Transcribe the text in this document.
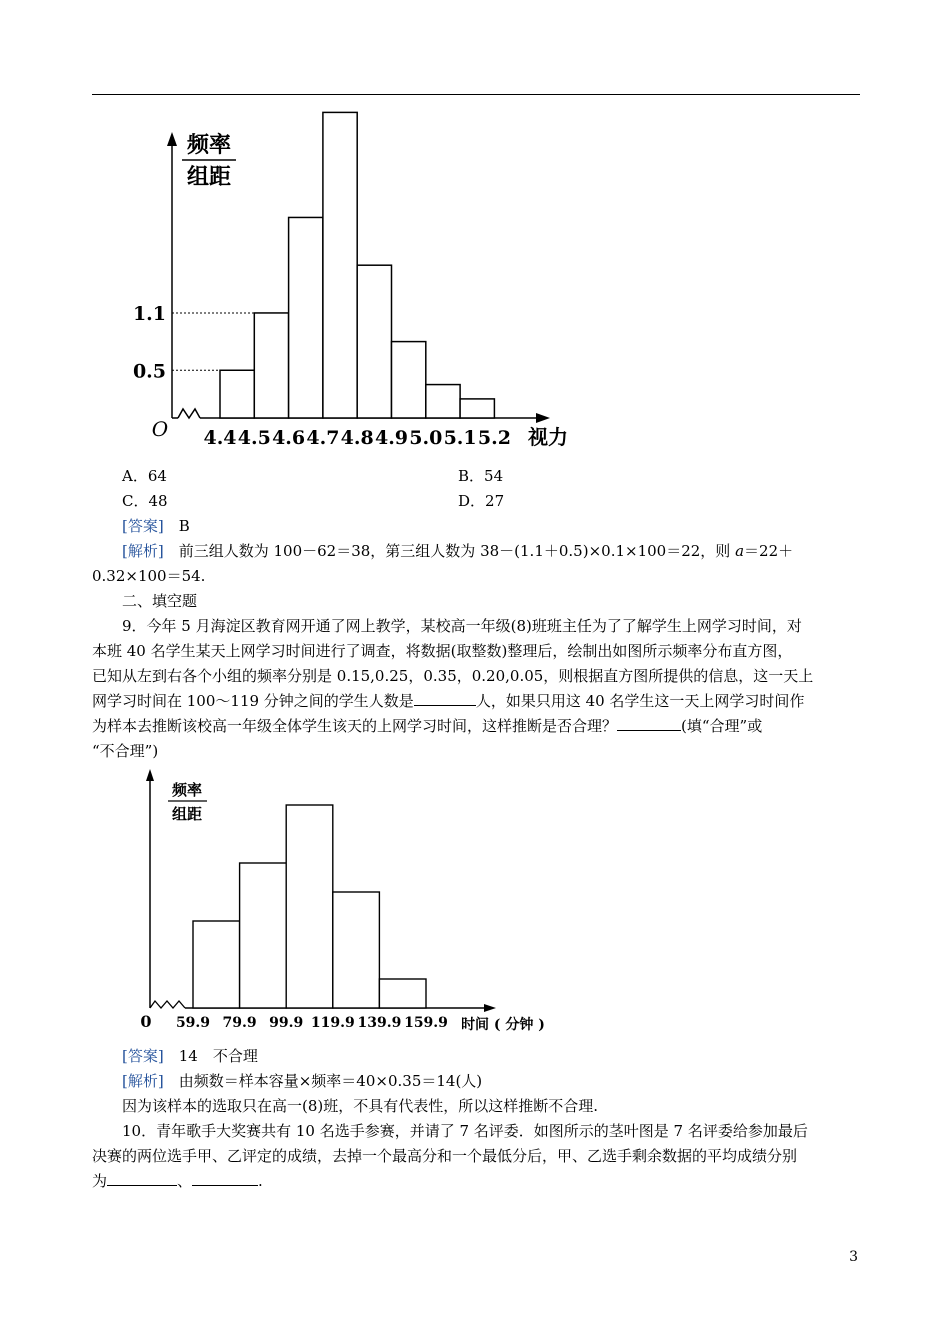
频率
组距
1.1
0.5
O 4.4 4.5 4.6 4.7 4.8 4.9 5.0 5.1 5.2 视力
A．64	B．54
C．48	D．27
[答案]　 B
[解析]　 前三组人数为 100－62＝38，第三组人数为 38－(1.1＋0.5)×0.1×100＝22，则 a＝22＋
0.32×100＝54.
二、填空题
9．今年 5 月海淀区教育网开通了网上教学，某校高一年级(8)班班主任为了了解学生上网学习时间，对
本班 40 名学生某天上网学习时间进行了调查，将数据(取整数)整理后，绘制出如图所示频率分布直方图，
已知从左到右各个小组的频率分别是 0.15,0.25，0.35，0.20,0.05，则根据直方图所提供的信息，这一天上
网学习时间在 100～119 分钟之间的学生人数是	人，如果只用这 40 名学生这一天上网学习时间作
为样本去推断该校高一年级全体学生该天的上网学习时间，这样推断是否合理？	(填“合理”或
“不合理”)
频率
组距
0 59.9 79.9 99.9 119.9 139.9 159.9 时间 ( 分钟 )
[答案]　 14　不合理
[解析]　 由频数＝样本容量×频率＝40×0.35＝14(人)
因为该样本的选取只在高一(8)班，不具有代表性，所以这样推断不合理.
10．青年歌手大奖赛共有 10 名选手参赛，并请了 7 名评委．如图所示的茎叶图是 7 名评委给参加最后
决赛的两位选手甲、乙评定的成绩，去掉一个最高分和一个最低分后，甲、乙选手剩余数据的平均成绩分别
为	、	.
3
